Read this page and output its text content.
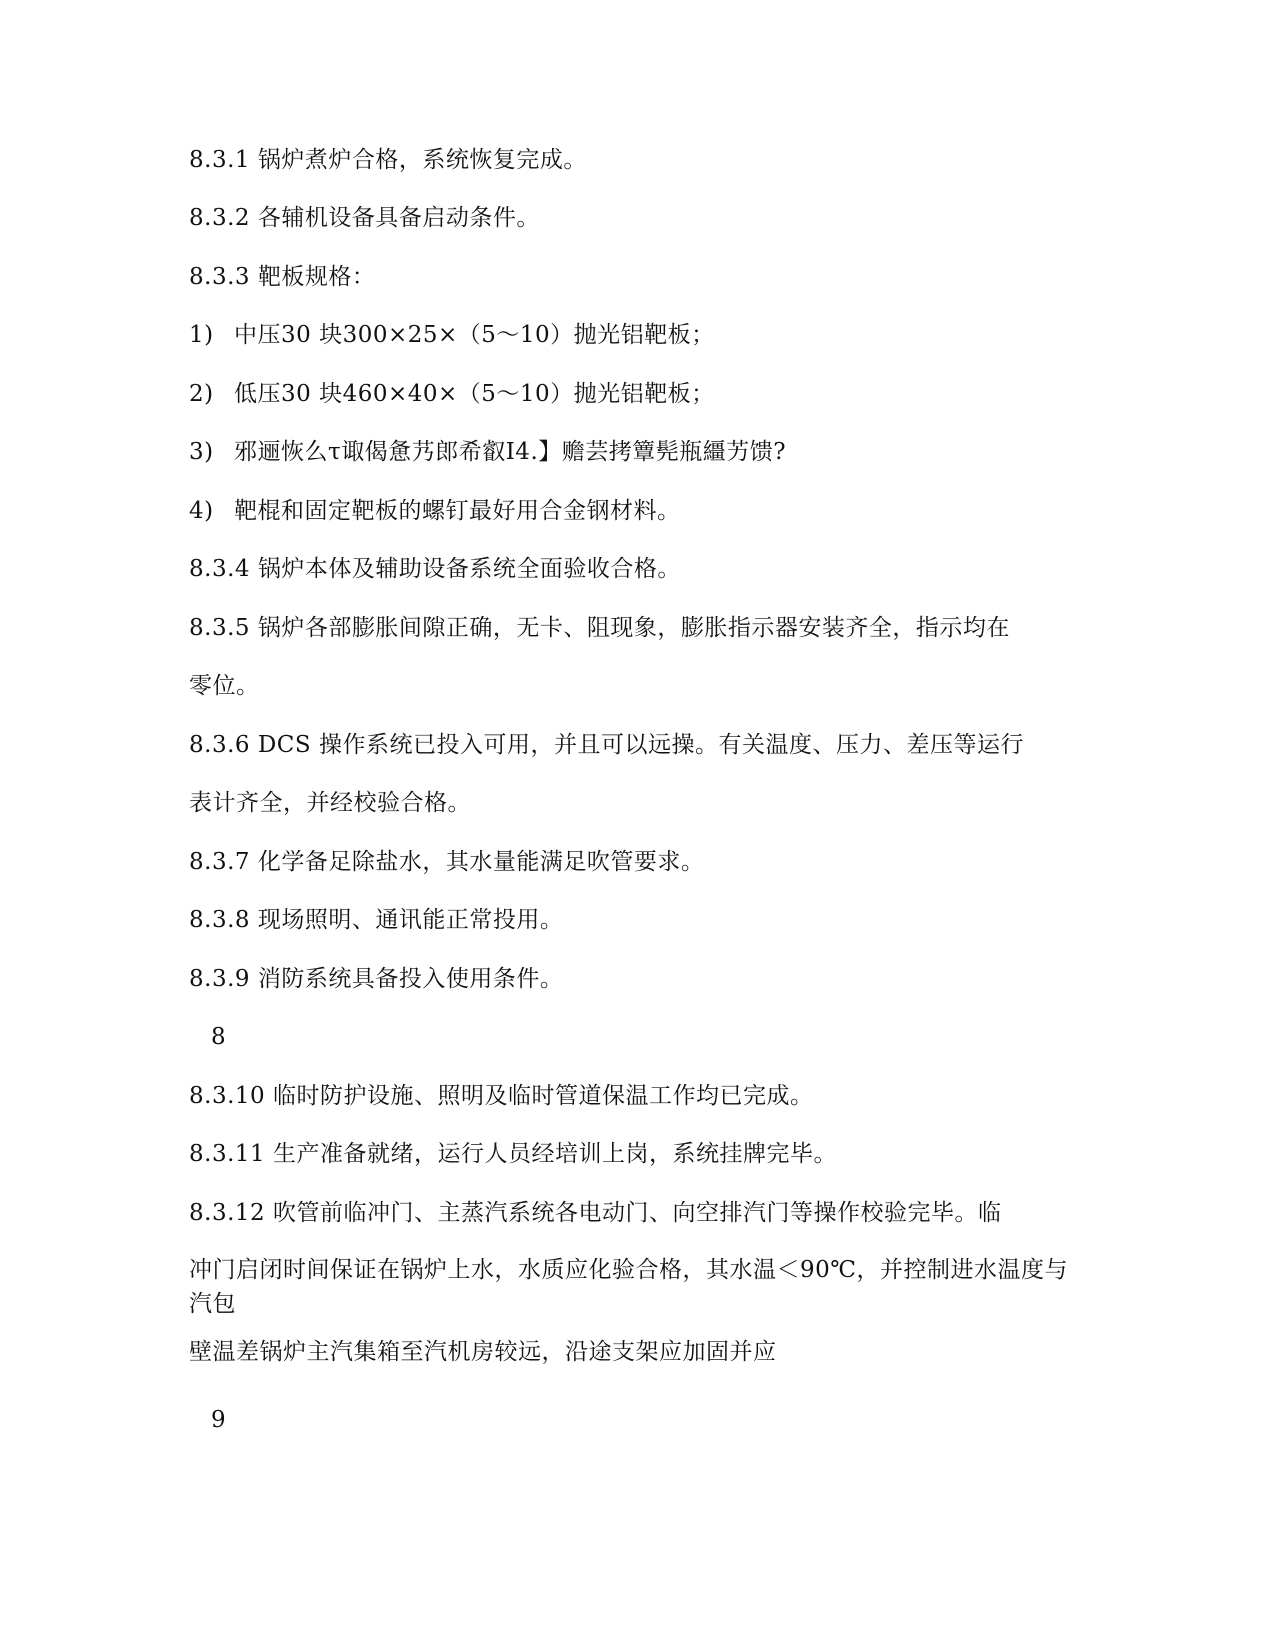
8.3.1 锅炉煮炉合格，系统恢复完成。
8.3.2 各辅机设备具备启动条件。
8.3.3 靶板规格：
1) 中压30 块300×25×（5～10）抛光铝靶板；
2) 低压30 块460×40×（5～10）抛光铝靶板；
3) 邪逦恢么τ诹偈惫艿郎希叡I4.】赡芸拷簟髡瓶繮艻馈?
4) 靶棍和固定靶板的螺钉最好用合金钢材料。
8.3.4 锅炉本体及辅助设备系统全面验收合格。
8.3.5 锅炉各部膨胀间隙正确，无卡、阻现象，膨胀指示器安装齐全，指示均在
零位。
8.3.6 DCS 操作系统已投入可用，并且可以远操。有关温度、压力、差压等运行
表计齐全，并经校验合格。
8.3.7 化学备足除盐水，其水量能满足吹管要求。
8.3.8 现场照明、通讯能正常投用。
8.3.9 消防系统具备投入使用条件。
8
8.3.10 临时防护设施、照明及临时管道保温工作均已完成。
8.3.11 生产准备就绪，运行人员经培训上岗，系统挂牌完毕。
8.3.12 吹管前临冲门、主蒸汽系统各电动门、向空排汽门等操作校验完毕。临
冲门启闭时间保证在锅炉上水，水质应化验合格，其水温＜90℃，并控制进水温度与汽包
壁温差锅炉主汽集箱至汽机房较远，沿途支架应加固并应
9
